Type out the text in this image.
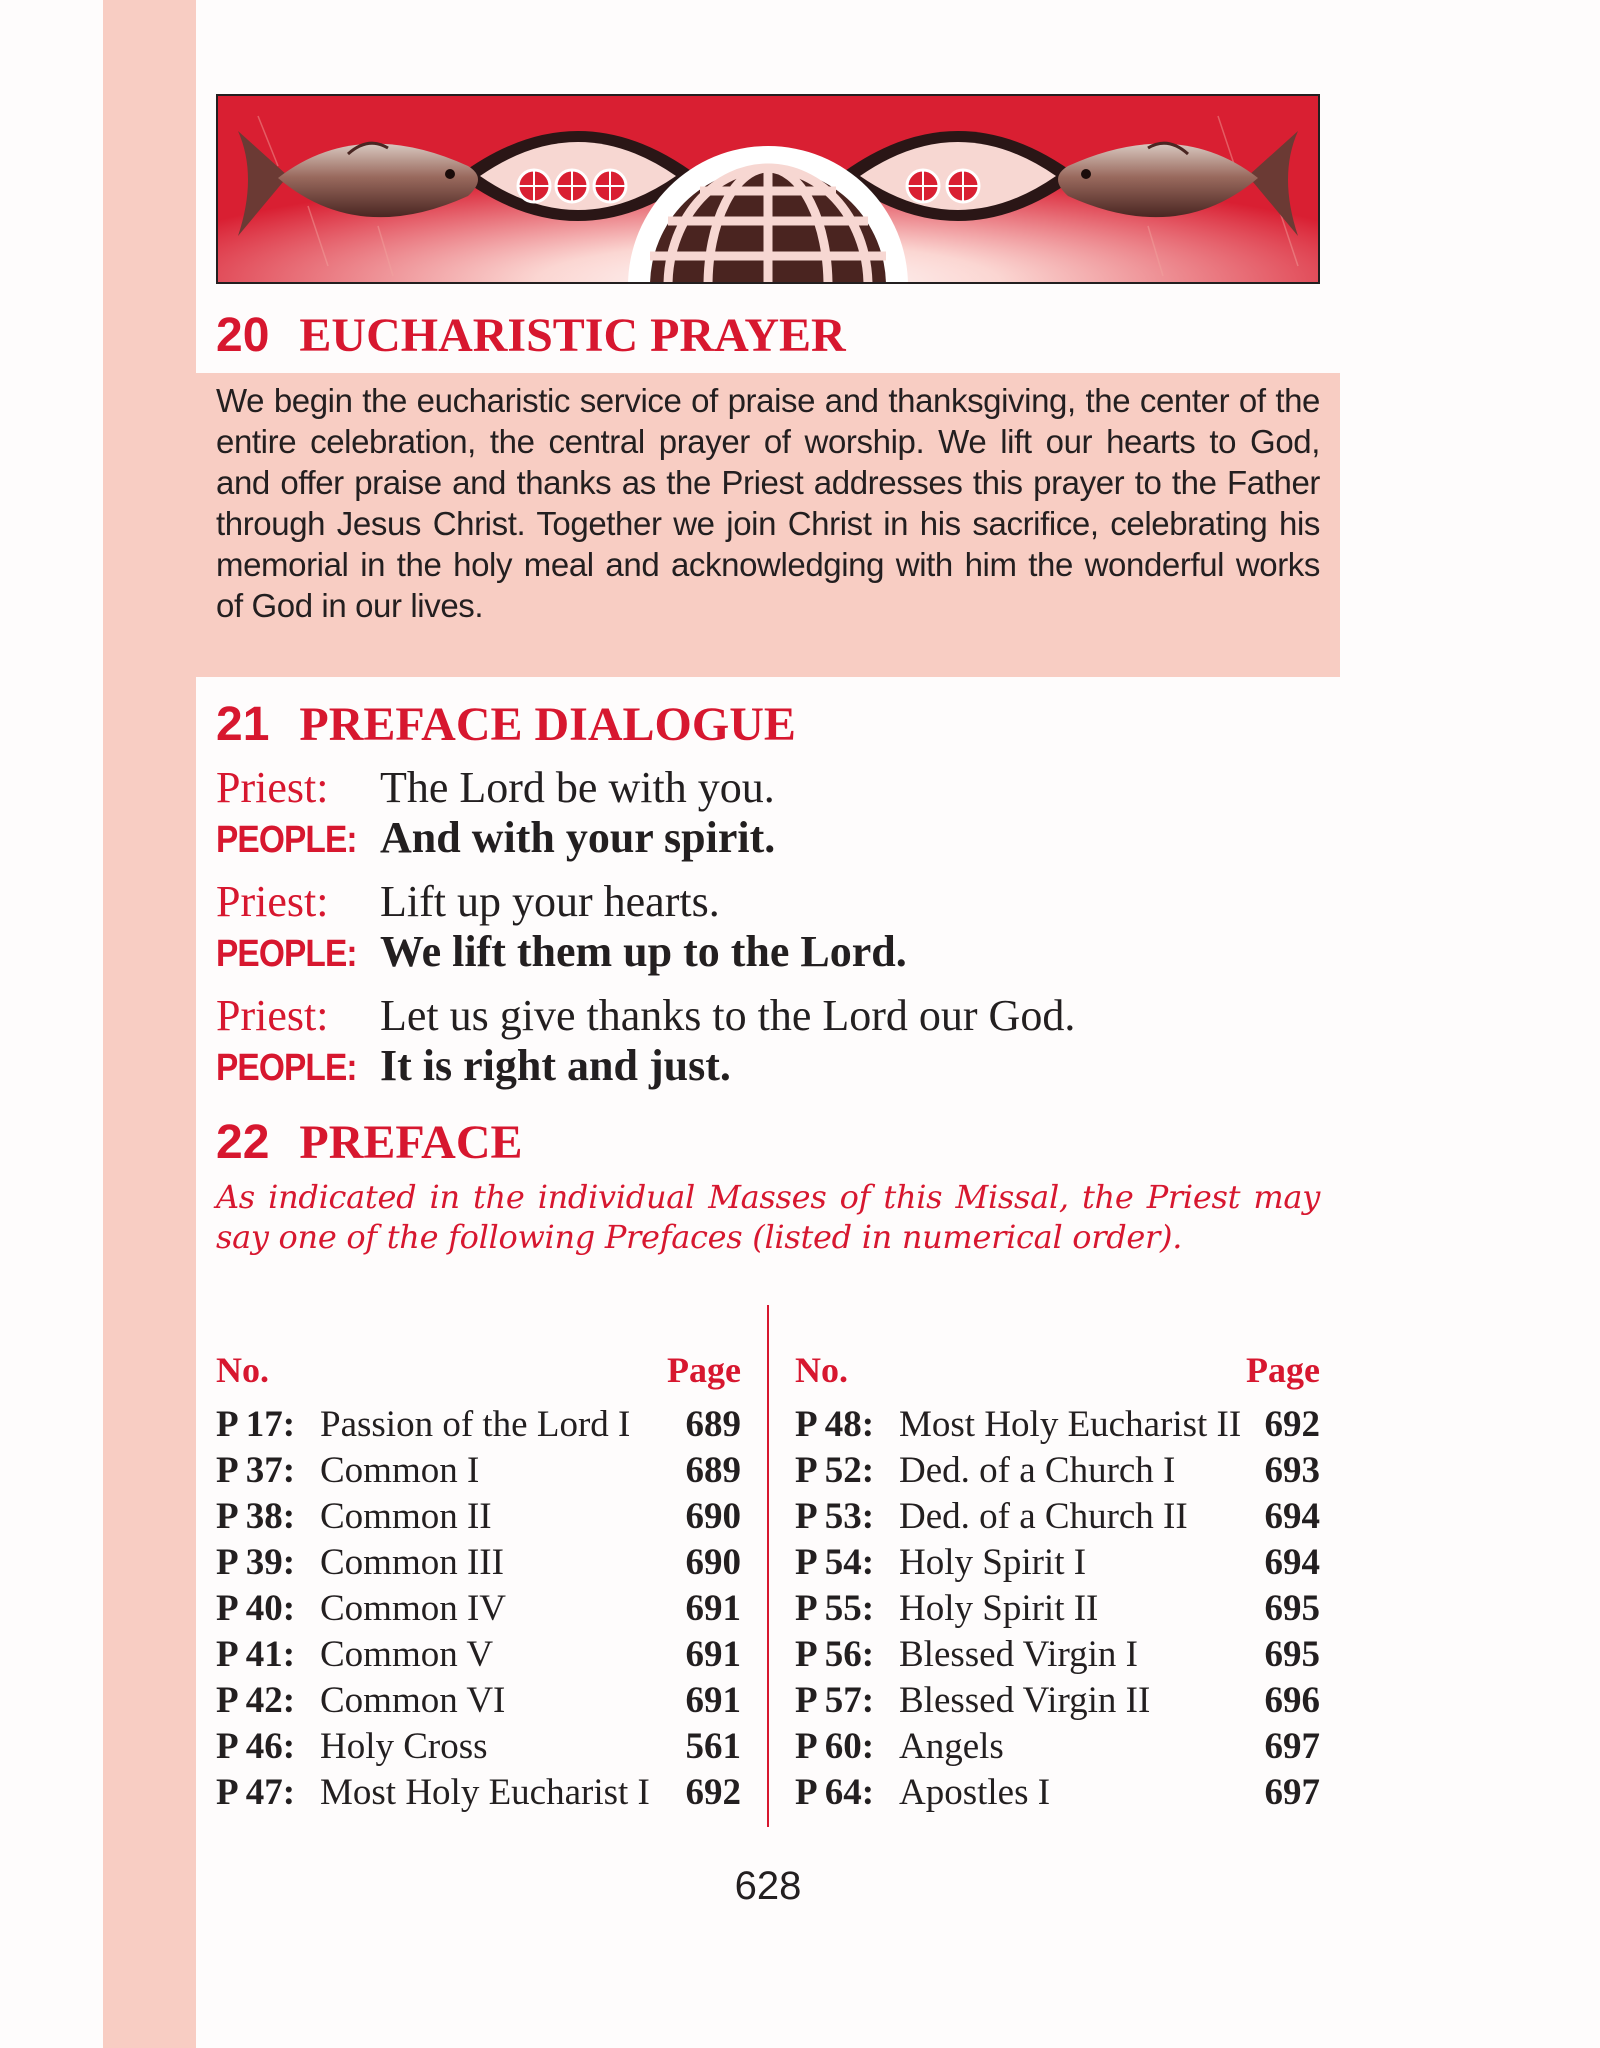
20 EUCHARISTIC PRAYER

We begin the eucharistic service of praise and thanksgiving, the center of the entire celebration, the central prayer of worship. We lift our hearts to God, and offer praise and thanks as the Priest addresses this prayer to the Father through Jesus Christ. Together we join Christ in his sacrifice, celebrating his memorial in the holy meal and acknowledging with him the wonderful works of God in our lives.

21 PREFACE DIALOGUE
Priest: The Lord be with you.
PEOPLE: And with your spirit.
Priest: Lift up your hearts.
PEOPLE: We lift them up to the Lord.
Priest: Let us give thanks to the Lord our God.
PEOPLE: It is right and just.
22 PREFACE

As indicated in the individual Masses of this Missal, the Priest may say one of the following Prefaces (listed in numerical order).

No.	Page
P 17: Passion of the Lord I	689
P 37: Common I	689
P 38: Common II	690
P 39: Common III	690
P 40: Common IV	691
P 41: Common V	691
P 42: Common VI	691
P 46: Holy Cross	561
P 47: Most Holy Eucharist I 692
No.	Page
P 48: Most Holy Eucharist II 692
P 52: Ded. of a Church I	693
P 53: Ded. of a Church II	694
P 54: Holy Spirit I	694
P 55: Holy Spirit II	695
P 56: Blessed Virgin I	695
P 57: Blessed Virgin II	696
P 60: Angels	697
P 64: Apostles I	697
628
